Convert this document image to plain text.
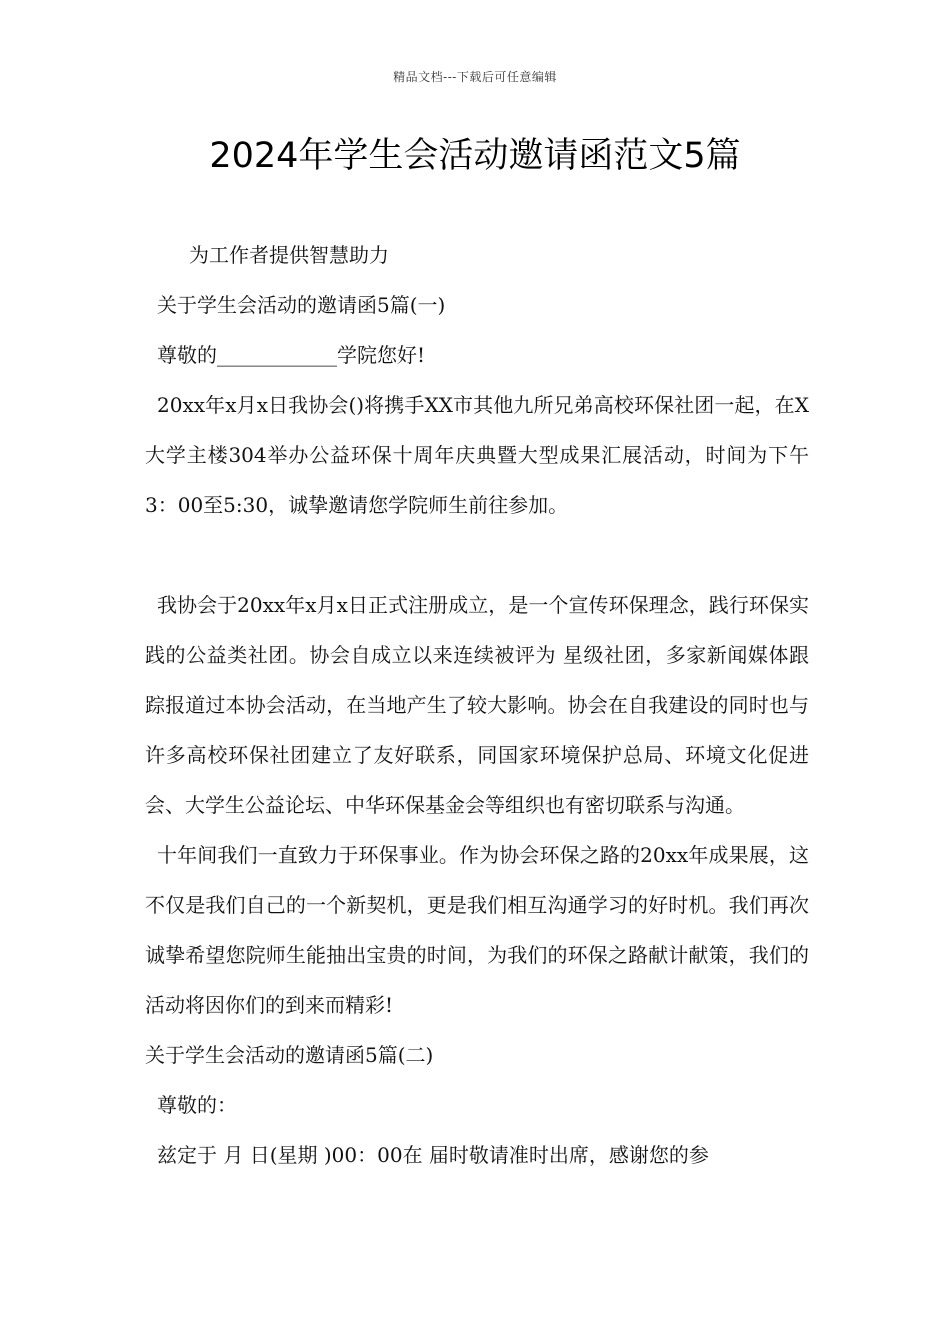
精品文档---下载后可任意编辑
2024年学生会活动邀请函范文5篇

为工作者提供智慧助力

关于学生会活动的邀请函5篇(一)

尊敬的____________学院您好!

20xx年x月x日我协会()将携手XX市其他九所兄弟高校环保社团一起，在X大学主楼304举办公益环保十周年庆典暨大型成果汇展活动，时间为下午3：00至5:30，诚挚邀请您学院师生前往参加。

我协会于20xx年x月x日正式注册成立，是一个宣传环保理念，践行环保实践的公益类社团。协会自成立以来连续被评为 星级社团，多家新闻媒体跟踪报道过本协会活动，在当地产生了较大影响。协会在自我建设的同时也与许多高校环保社团建立了友好联系，同国家环境保护总局、环境文化促进会、大学生公益论坛、中华环保基金会等组织也有密切联系与沟通。

十年间我们一直致力于环保事业。作为协会环保之路的20xx年成果展，这不仅是我们自己的一个新契机，更是我们相互沟通学习的好时机。我们再次诚挚希望您院师生能抽出宝贵的时间，为我们的环保之路献计献策，我们的活动将因你们的到来而精彩!

关于学生会活动的邀请函5篇(二)

尊敬的：

兹定于 月 日(星期 )00：00在 届时敬请准时出席，感谢您的参
